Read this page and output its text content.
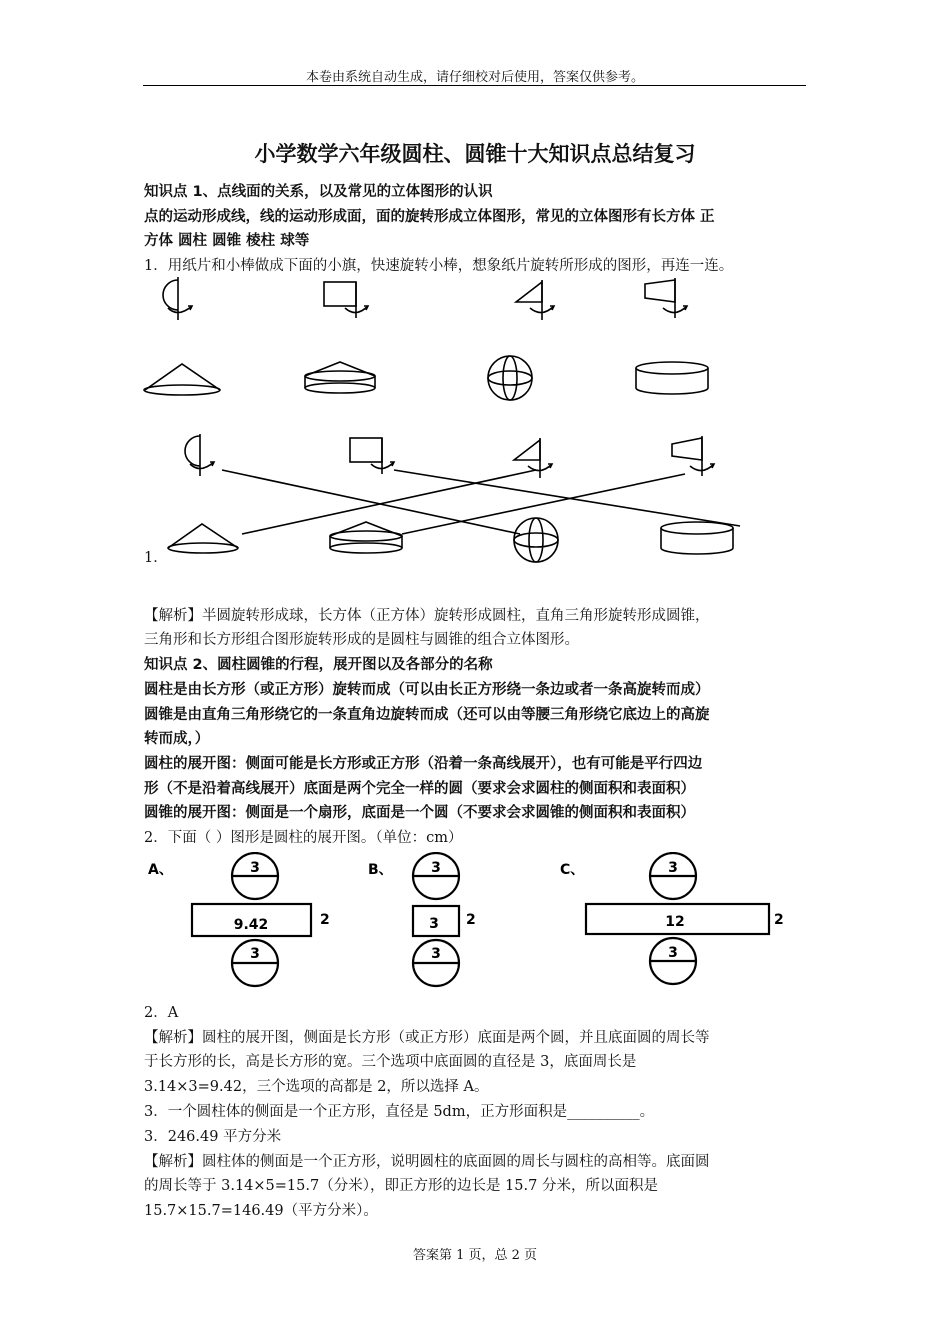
本卷由系统自动生成，请仔细校对后使用，答案仅供参考。
小学数学六年级圆柱、圆锥十大知识点总结复习
知识点 1、点线面的关系，以及常见的立体图形的认识
点的运动形成线，线的运动形成面，面的旋转形成立体图形，常见的立体图形有长方体 正
方体 圆柱 圆锥 棱柱 球等
1．用纸片和小棒做成下面的小旗，快速旋转小棒，想象纸片旋转所形成的图形，再连一连。
1．
【解析】半圆旋转形成球，长方体（正方体）旋转形成圆柱，直角三角形旋转形成圆锥，
三角形和长方形组合图形旋转形成的是圆柱与圆锥的组合立体图形。
知识点 2、圆柱圆锥的行程，展开图以及各部分的名称
圆柱是由长方形（或正方形）旋转而成（可以由长正方形绕一条边或者一条高旋转而成）
圆锥是由直角三角形绕它的一条直角边旋转而成（还可以由等腰三角形绕它底边上的高旋
转而成，）
圆柱的展开图：侧面可能是长方形或正方形（沿着一条高线展开），也有可能是平行四边
形（不是沿着高线展开）底面是两个完全一样的圆（要求会求圆柱的侧面积和表面积）
圆锥的展开图：侧面是一个扇形，底面是一个圆（不要求会求圆锥的侧面积和表面积）
2．下面（ ）图形是圆柱的展开图。（单位：cm）
A、	3
9.42	2
3
B、	3
3 2
3
C、	3
12	2
3
2．A
【解析】圆柱的展开图，侧面是长方形（或正方形）底面是两个圆，并且底面圆的周长等
于长方形的长，高是长方形的宽。三个选项中底面圆的直径是 3，底面周长是
3.14×3=9.42，三个选项的高都是 2，所以选择 A。
3．一个圆柱体的侧面是一个正方形，直径是 5dm，正方形面积是__________。
3．246.49 平方分米
【解析】圆柱体的侧面是一个正方形，说明圆柱的底面圆的周长与圆柱的高相等。底面圆
的周长等于 3.14×5=15.7（分米），即正方形的边长是 15.7 分米，所以面积是
15.7×15.7=146.49（平方分米）。
答案第 1 页，总 2 页
